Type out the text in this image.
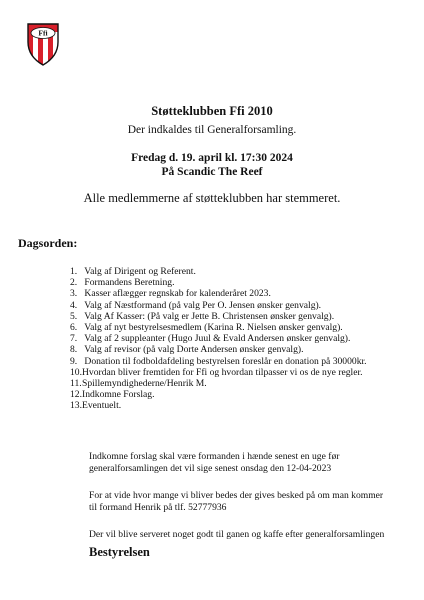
Ffi
Støtteklubben Ffi 2010
Der indkaldes til Generalforsamling.
Fredag d. 19. april kl. 17:30 2024
På Scandic The Reef
Alle medlemmerne af støtteklubben har stemmeret.
Dagsorden:
1. Valg af Dirigent og Referent.
2. Formandens Beretning.
3. Kasser aflægger regnskab for kalenderåret 2023.
4. Valg af Næstformand (på valg Per O. Jensen ønsker genvalg).
5. Valg Af Kasser: (På valg er Jette B. Christensen ønsker genvalg).
6. Valg af nyt bestyrelsesmedlem (Karina R. Nielsen ønsker genvalg).
7. Valg af 2 suppleanter (Hugo Juul & Evald Andersen ønsker genvalg).
8. Valg af revisor (på valg Dorte Andersen ønsker genvalg).
9. Donation til fodboldafdeling bestyrelsen foreslår en donation på 30000kr.
10.Hvordan bliver fremtiden for Ffi og hvordan tilpasser vi os de nye regler.
11.Spillemyndighederne/Henrik M.
12.Indkomne Forslag.
13.Eventuelt.
Indkomne forslag skal være formanden i hænde senest en uge før
generalforsamlingen det vil sige senest onsdag den 12-04-2023
For at vide hvor mange vi bliver bedes der gives besked på om man kommer
til formand Henrik på tlf. 52777936
Der vil blive serveret noget godt til ganen og kaffe efter generalforsamlingen
Bestyrelsen
